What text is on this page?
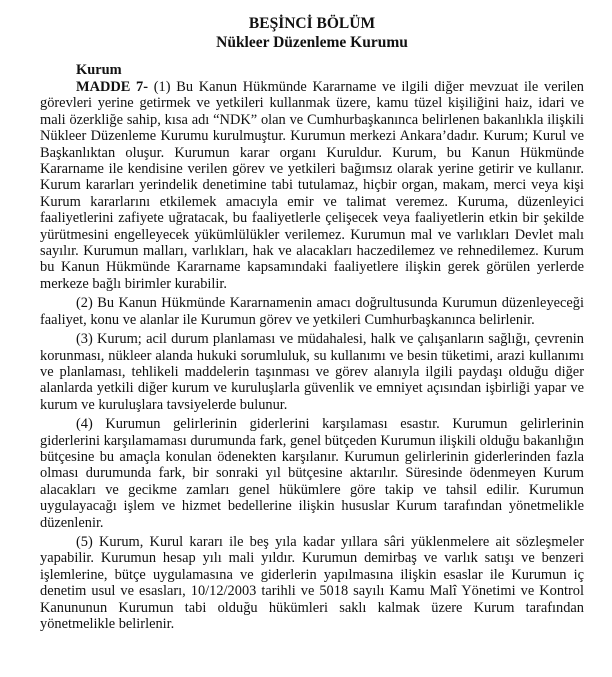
BEŞİNCİ BÖLÜM
Nükleer Düzenleme Kurumu
Kurum

MADDE 7- (1) Bu Kanun Hükmünde Kararname ve ilgili diğer mevzuat ile verilen görevleri yerine getirmek ve yetkileri kullanmak üzere, kamu tüzel kişiliğini haiz, idari ve mali özerkliğe sahip, kısa adı “NDK” olan ve Cumhurbaşkanınca belirlenen bakanlıkla ilişkili Nükleer Düzenleme Kurumu kurulmuştur. Kurumun merkezi Ankara’dadır. Kurum; Kurul ve Başkanlıktan oluşur. Kurumun karar organı Kuruldur. Kurum, bu Kanun Hükmünde Kararname ile kendisine verilen görev ve yetkileri bağımsız olarak yerine getirir ve kullanır. Kurum kararları yerindelik denetimine tabi tutulamaz, hiçbir organ, makam, merci veya kişi Kurum kararlarını etkilemek amacıyla emir ve talimat veremez. Kuruma, düzenleyici faaliyetlerini zafiyete uğratacak, bu faaliyetlerle çelişecek veya faaliyetlerin etkin bir şekilde yürütmesini engelleyecek yükümlülükler verilemez. Kurumun mal ve varlıkları Devlet malı sayılır. Kurumun malları, varlıkları, hak ve alacakları haczedilemez ve rehnedilemez. Kurum bu Kanun Hükmünde Kararname kapsamındaki faaliyetlere ilişkin gerek görülen yerlerde merkeze bağlı birimler kurabilir.

(2) Bu Kanun Hükmünde Kararnamenin amacı doğrultusunda Kurumun düzenleyeceği faaliyet, konu ve alanlar ile Kurumun görev ve yetkileri Cumhurbaşkanınca belirlenir.

(3) Kurum; acil durum planlaması ve müdahalesi, halk ve çalışanların sağlığı, çevrenin korunması, nükleer alanda hukuki sorumluluk, su kullanımı ve besin tüketimi, arazi kullanımı ve planlaması, tehlikeli maddelerin taşınması ve görev alanıyla ilgili paydaşı olduğu diğer alanlarda yetkili diğer kurum ve kuruluşlarla güvenlik ve emniyet açısından işbirliği yapar ve kurum ve kuruluşlara tavsiyelerde bulunur.

(4) Kurumun gelirlerinin giderlerini karşılaması esastır. Kurumun gelirlerinin giderlerini karşılamaması durumunda fark, genel bütçeden Kurumun ilişkili olduğu bakanlığın bütçesine bu amaçla konulan ödenekten karşılanır. Kurumun gelirlerinin giderlerinden fazla olması durumunda fark, bir sonraki yıl bütçesine aktarılır. Süresinde ödenmeyen Kurum alacakları ve gecikme zamları genel hükümlere göre takip ve tahsil edilir. Kurumun uygulayacağı işlem ve hizmet bedellerine ilişkin hususlar Kurum tarafından yönetmelikle düzenlenir.

(5) Kurum, Kurul kararı ile beş yıla kadar yıllara sâri yüklenmelere ait sözleşmeler yapabilir. Kurumun hesap yılı mali yıldır. Kurumun demirbaş ve varlık satışı ve benzeri işlemlerine, bütçe uygulamasına ve giderlerin yapılmasına ilişkin esaslar ile Kurumun iç denetim usul ve esasları, 10/12/2003 tarihli ve 5018 sayılı Kamu Malî Yönetimi ve Kontrol Kanununun Kurumun tabi olduğu hükümleri saklı kalmak üzere Kurum tarafından yönetmelikle belirlenir.
